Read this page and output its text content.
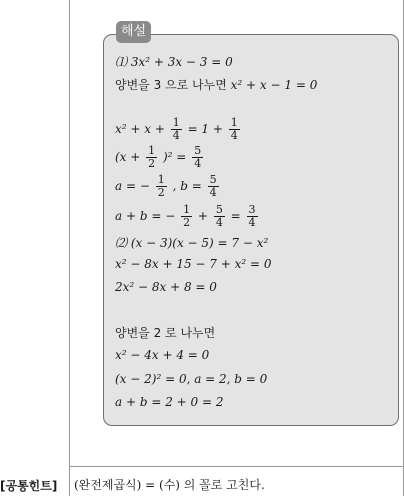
해설
⑴ 3x² + 3x − 3 = 0
양변을 3 으로 나누면 x² + x − 1 = 0
$x^2 + x + \frac{1}{4} = 1 + \frac{1}{4}$
$(x + \frac{1}{2} )^2 = \frac{5}{4}$
a = − $\frac{1}{2}$ , $b = \frac{5}{4}$
a + b = − $\frac{1}{2} + \frac{5}{4} = \frac{3}{4}$
⑵ (x − 3)(x − 5) = 7 − x²
x² − 8x + 15 − 7 + x² = 0
2x² − 8x + 8 = 0
양변을 2 로 나누면
x² − 4x + 4 = 0
(x − 2)² = 0, a = 2, b = 0
a + b = 2 + 0 = 2
[공통힌트] (완전제곱식) = (수) 의 꼴로 고친다.
